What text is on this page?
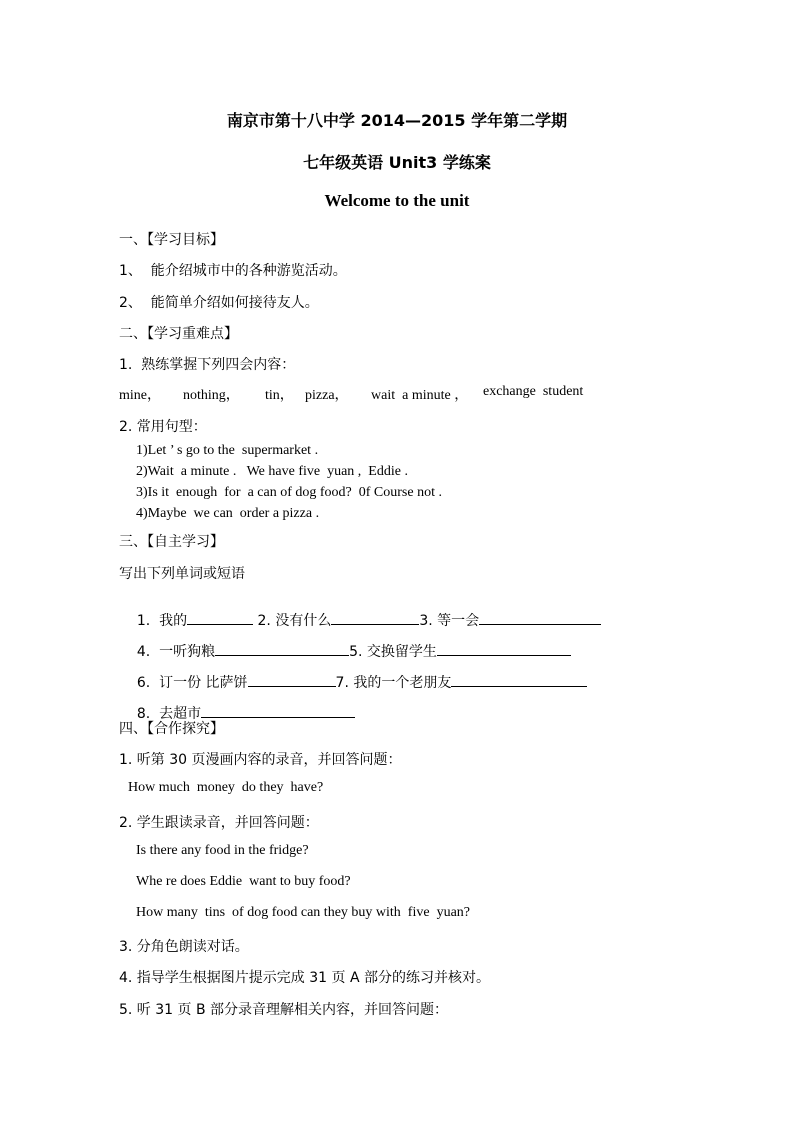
南京市第十八中学 2014—2015 学年第二学期
七年级英语 Unit3 学练案
Welcome to the unit
一、【学习目标】
1、  能介绍城市中的各种游览活动。
2、  能简单介绍如何接待友人。
二、【学习重难点】
1.  熟练掌握下列四会内容：
mine， nothing， tin， pizza， wait  a minute ， exchange  student
2. 常用句型：
1)Let ’ s go to the  supermarket .
2)Wait  a minute .   We have five  yuan ,  Eddie .
3)Is it  enough  for  a can of dog food?  0f Course not .
4)Maybe  we can  order a pizza .
三、【自主学习】
写出下列单词或短语

1.  我的	2. 没有什么	3. 等一会

4.  一听狗粮	5. 交换留学生

6.  订一份 比萨饼	7. 我的一个老朋友

8.  去超市

四、【合作探究】
1. 听第 30 页漫画内容的录音，并回答问题：
How much  money  do they  have?
2. 学生跟读录音，并回答问题：
Is there any food in the fridge?
Whe re does Eddie  want to buy food?
How many  tins  of dog food can they buy with  five  yuan?
3. 分角色朗读对话。
4. 指导学生根据图片提示完成 31 页 A 部分的练习并核对。
5. 听 31 页 B 部分录音理解相关内容，并回答问题：
